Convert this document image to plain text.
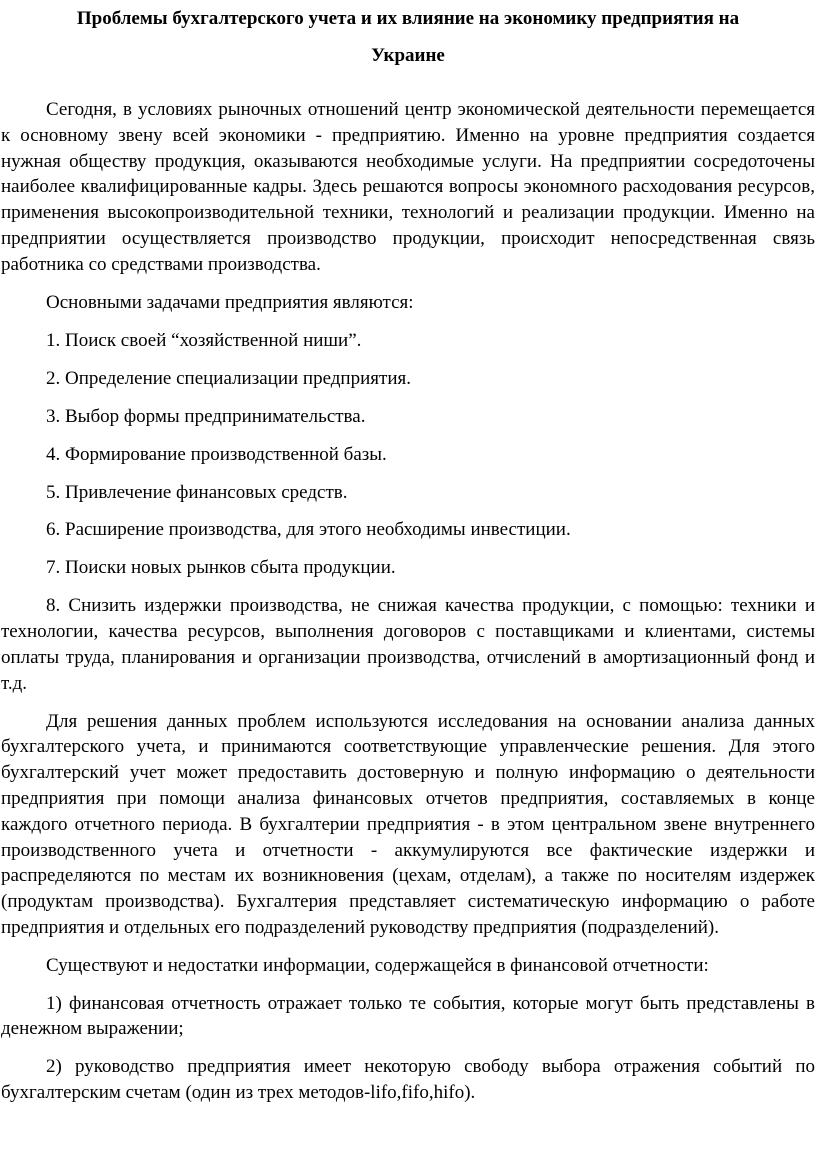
Проблемы бухгалтерского учета и их влияние на экономику предприятия на

Украине

Сегодня, в условиях рыночных отношений центр экономической деятельности перемещается к основному звену всей экономики - предприятию. Именно на уровне предприятия создается нужная обществу продукция, оказываются необходимые услуги. На предприятии сосредоточены наиболее квалифицированные кадры. Здесь решаются вопросы экономного расходования ресурсов, применения высокопроизводительной техники, технологий и реализации продукции. Именно на предприятии осуществляется производство продукции, происходит непосредственная связь работника со средствами производства.

Основными задачами предприятия являются:

1. Поиск своей “хозяйственной ниши”.

2. Определение специализации предприятия.

3. Выбор формы предпринимательства.

4. Формирование производственной базы.

5. Привлечение финансовых средств.

6. Расширение производства, для этого необходимы инвестиции.

7. Поиски новых рынков сбыта продукции.

8. Снизить издержки производства, не снижая качества продукции, с помощью: техники и технологии, качества ресурсов, выполнения договоров с поставщиками и клиентами, системы оплаты труда, планирования и организации производства, отчислений в амортизационный фонд и т.д.

Для решения данных проблем используются исследования на основании анализа данных бухгалтерского учета, и принимаются соответствующие управленческие решения. Для этого бухгалтерский учет может предоставить достоверную и полную информацию о деятельности предприятия при помощи анализа финансовых отчетов предприятия, составляемых в конце каждого отчетного периода. В бухгалтерии предприятия - в этом центральном звене внутреннего производственного учета и отчетности - аккумулируются все фактические издержки и распределяются по местам их возникновения (цехам, отделам), а также по носителям издержек (продуктам производства). Бухгалтерия представляет систематическую информацию о работе предприятия и отдельных его подразделений руководству предприятия (подразделений).

Существуют и недостатки информации, содержащейся в финансовой отчетности:

1) финансовая отчетность отражает только те события, которые могут быть представлены в денежном выражении;

2) руководство предприятия имеет некоторую свободу выбора отражения событий по бухгалтерским счетам (один из трех методов-lifo,fifo,hifo).
